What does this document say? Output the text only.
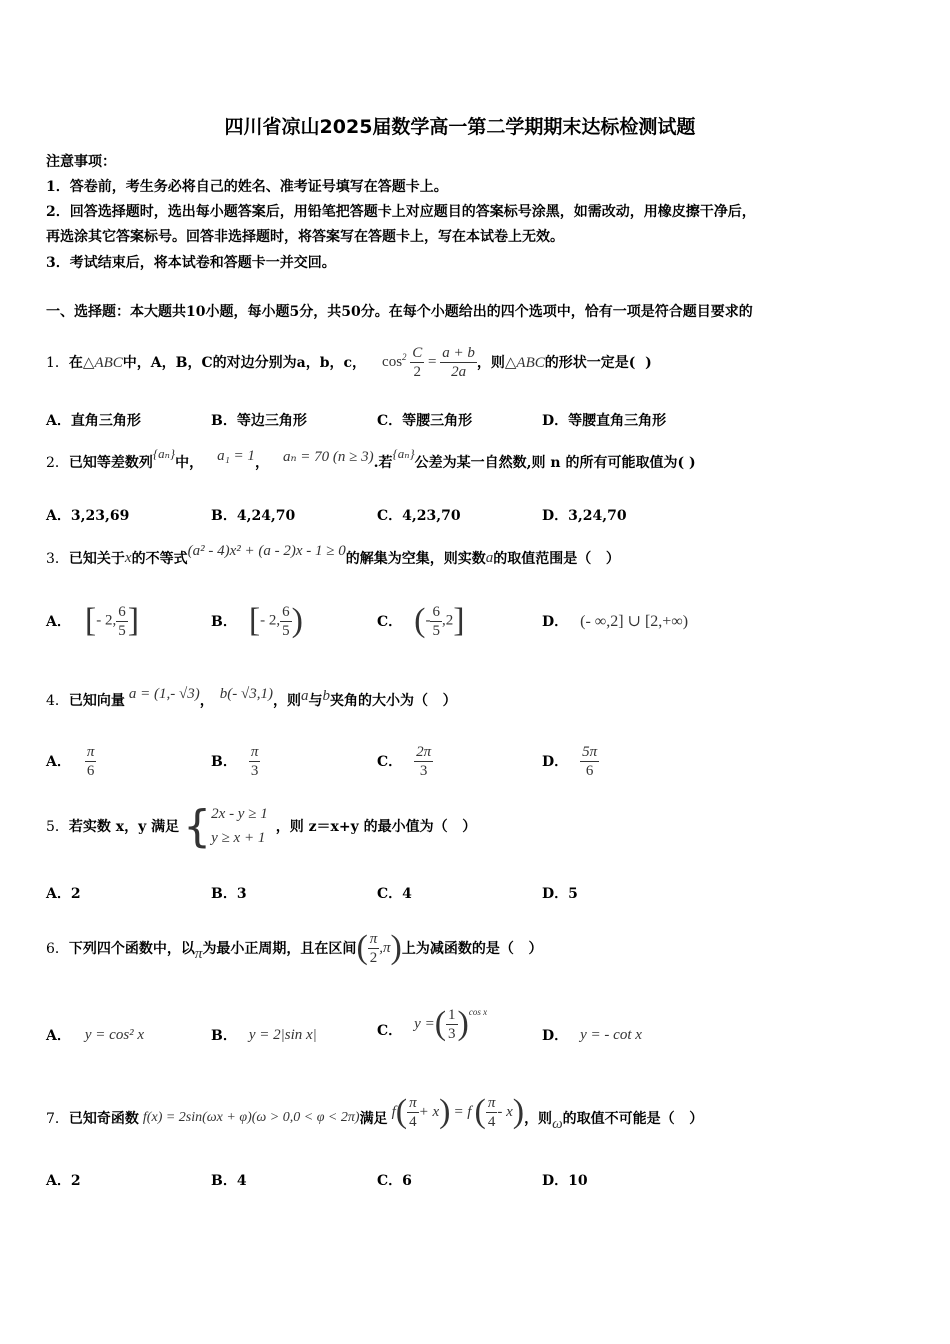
四川省凉山2025届数学高一第二学期期末达标检测试题
注意事项：
1．答卷前，考生务必将自己的姓名、准考证号填写在答题卡上。
2．回答选择题时，选出每小题答案后，用铅笔把答题卡上对应题目的答案标号涂黑，如需改动，用橡皮擦干净后，
再选涂其它答案标号。回答非选择题时，将答案写在答题卡上，写在本试卷上无效。
3．考试结束后，将本试卷和答题卡一并交回。
一、选择题：本大题共10小题，每小题5分，共50分。在每个小题给出的四个选项中，恰有一项是符合题目要求的
1． 在 △ABC 中，A，B，C的对边分别为a，b，c， $\cos^2 \frac{C}{2} = \frac{a + b}{2a}$ ，则 △ABC 的形状一定是(  )
A．直角三角形	B．等边三角形	C．等腰三角形	D．等腰直角三角形
2． 已知等差数列
{aₙ}
中， a₁ = 1 ， aₙ = 70 (n ≥ 3) .若
{aₙ}
公差为某一自然数,则 n 的所有可能取值为( )
A．3,23,69	B．4,24,70	C．4,23,70	D．3,24,70
3． 已知关于 x 的不等式
(a² - 4)x² + (a - 2)x - 1 ≥ 0
的解集为空集，则实数 a 的取值范围是（   ）
A． [- 2, $\frac{6}{5}$ ]	B． [- 2, $\frac{6}{5}$ )	C． (- $\frac{6}{5} ,2$]	D． (- ∞,2] ∪ [2,+∞)
4． 已知向量 a = (1,- √3) ， b(- √3,1) ，则 a 与 b 夹角的大小为（   ）
A． $\frac{\pi}{6}$	B． $\frac{\pi}{3}$	C． $\frac{2\pi}{3}$	D． $\frac{5\pi}{6}$
5． 若实数 x，y 满足 { 2x - y ≥ 1
y ≥ x + 1
，则 z＝x+y 的最小值为（   ）
A．2	B．3	C．4	D．5
6． 下列四个函数中，以 π 为最小正周期，且在区间 ( $\frac{\pi}{2} ,\pi$ ) 上为减函数的是（   ）
A． y = cos² x	B． y = 2|sin x|	C． y = ( $\frac{1}{3} )^{cos x}$
D． y = - cot x
7． 已知奇函数 f(x) = 2sin(ωx + φ)(ω > 0,0 < φ < 2π) 满足 f ( $\frac{\pi}{4} + x$ ) = f ( $\frac{\pi}{4}$ - x ) ，则 ω 的取值不可能是（   ）
A．2	B．4	C．6	D．10
